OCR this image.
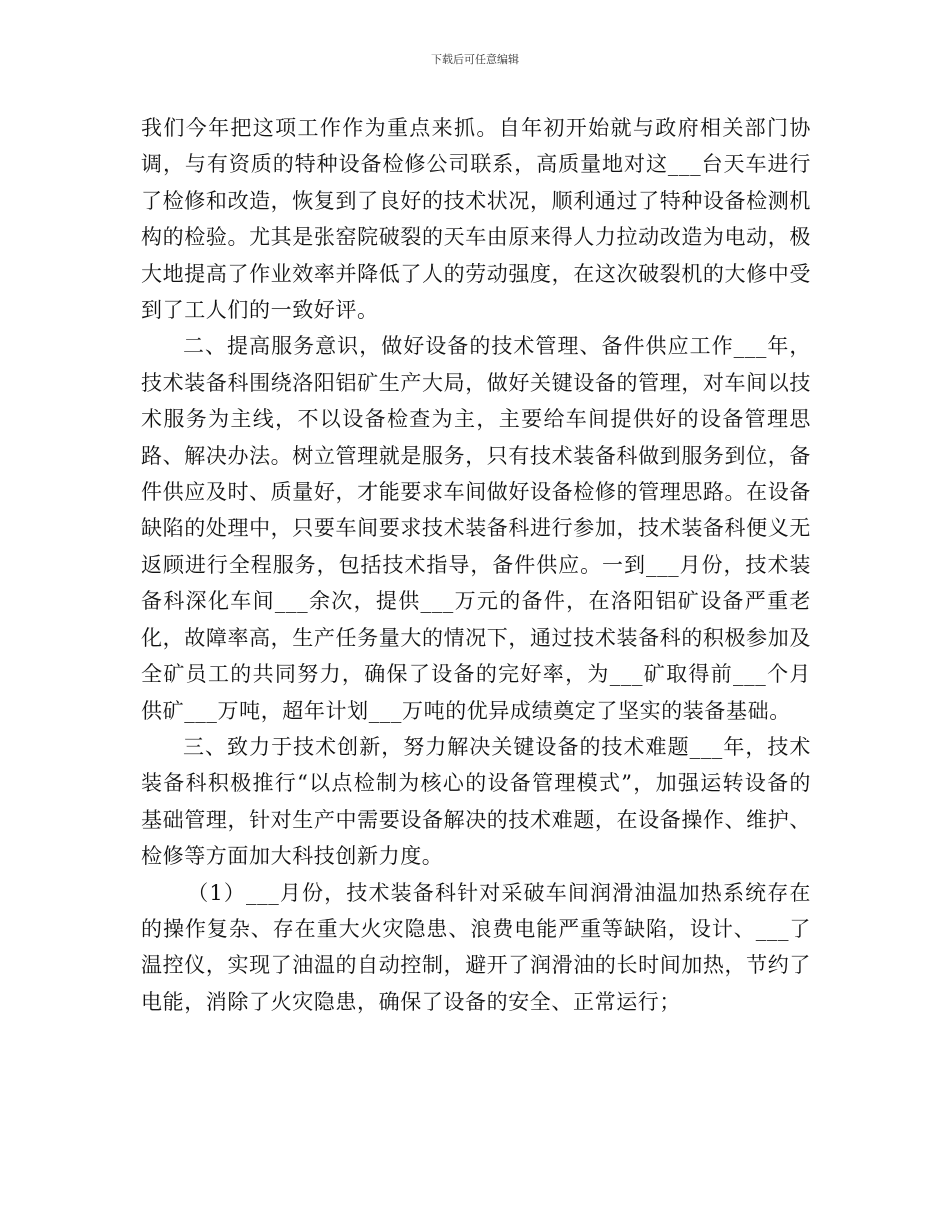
下载后可任意编辑

我们今年把这项工作作为重点来抓。自年初开始就与政府相关部门协调，与有资质的特种设备检修公司联系，高质量地对这___台天车进行了检修和改造，恢复到了良好的技术状况，顺利通过了特种设备检测机构的检验。尤其是张窑院破裂的天车由原来得人力拉动改造为电动，极大地提高了作业效率并降低了人的劳动强度，在这次破裂机的大修中受到了工人们的一致好评。

二、提高服务意识，做好设备的技术管理、备件供应工作___年，技术装备科围绕洛阳铝矿生产大局，做好关键设备的管理，对车间以技术服务为主线，不以设备检查为主，主要给车间提供好的设备管理思路、解决办法。树立管理就是服务，只有技术装备科做到服务到位，备件供应及时、质量好，才能要求车间做好设备检修的管理思路。在设备缺陷的处理中，只要车间要求技术装备科进行参加，技术装备科便义无返顾进行全程服务，包括技术指导，备件供应。一到___月份，技术装备科深化车间___余次，提供___万元的备件，在洛阳铝矿设备严重老化，故障率高，生产任务量大的情况下，通过技术装备科的积极参加及全矿员工的共同努力，确保了设备的完好率，为___矿取得前___个月供矿___万吨，超年计划___万吨的优异成绩奠定了坚实的装备基础。

三、致力于技术创新，努力解决关键设备的技术难题___年，技术装备科积极推行“以点检制为核心的设备管理模式”，加强运转设备的基础管理，针对生产中需要设备解决的技术难题，在设备操作、维护、检修等方面加大科技创新力度。

（1）___月份，技术装备科针对采破车间润滑油温加热系统存在的操作复杂、存在重大火灾隐患、浪费电能严重等缺陷，设计、___了温控仪，实现了油温的自动控制，避开了润滑油的长时间加热，节约了电能，消除了火灾隐患，确保了设备的安全、正常运行；
